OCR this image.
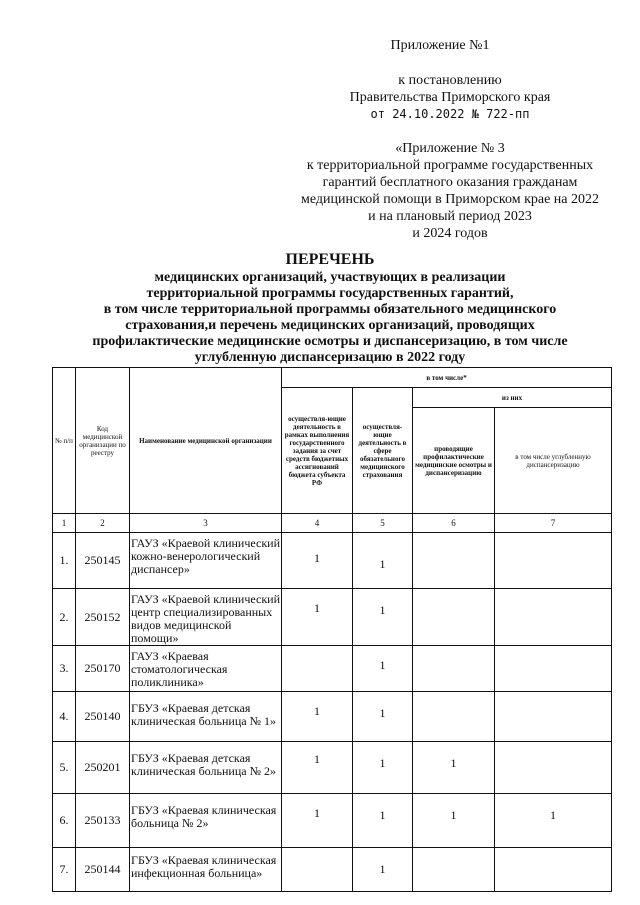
Приложение №1
к постановлению
Правительства Приморского края
от 24.10.2022 № 722-пп
«Приложение № 3
к территориальной программе государственных
гарантий бесплатного оказания гражданам
медицинской помощи в Приморском крае на 2022
и на плановый период 2023
и 2024 годов
ПЕРЕЧЕНЬ
медицинских организаций, участвующих в реализации
территориальной программы государственных гарантий,
в том числе территориальной программы обязательного медицинского
страхования,и перечень медицинских организаций, проводящих
профилактические медицинские осмотры и диспансеризацию, в том числе
углубленную диспансеризацию в 2022 году
№ п/п	Код медицинской организации по реестру	Наименование медицинской организации	в том числе*			
			осуществля-ющие деятельность в рамках выполнения государственного задания за счет средств бюджетных ассигнований бюджета субъекта РФ	осуществля-ющие деятельность в сфере обязательного медицинского страхования	из них	
					проводящие профилактические медицинские осмотры и диспансеризацию	в том числе углубленную диспансеризацию
1	2	3	4	5	6	7
1.	250145	ГАУЗ «Краевой клинический кожно-венерологический диспансер»	1	1		
2.	250152	ГАУЗ «Краевой клинический центр специализированных видов медицинской помощи»	1	1		
3.	250170	ГАУЗ «Краевая стоматологическая поликлиника»		1		
4.	250140	ГБУЗ «Краевая детская клиническая больница № 1»	1	1		
5.	250201	ГБУЗ «Краевая детская клиническая больница № 2»	1	1	1	
6.	250133	ГБУЗ «Краевая клиническая больница № 2»	1	1	1	1
7.	250144	ГБУЗ «Краевая клиническая инфекционная больница»		1		
